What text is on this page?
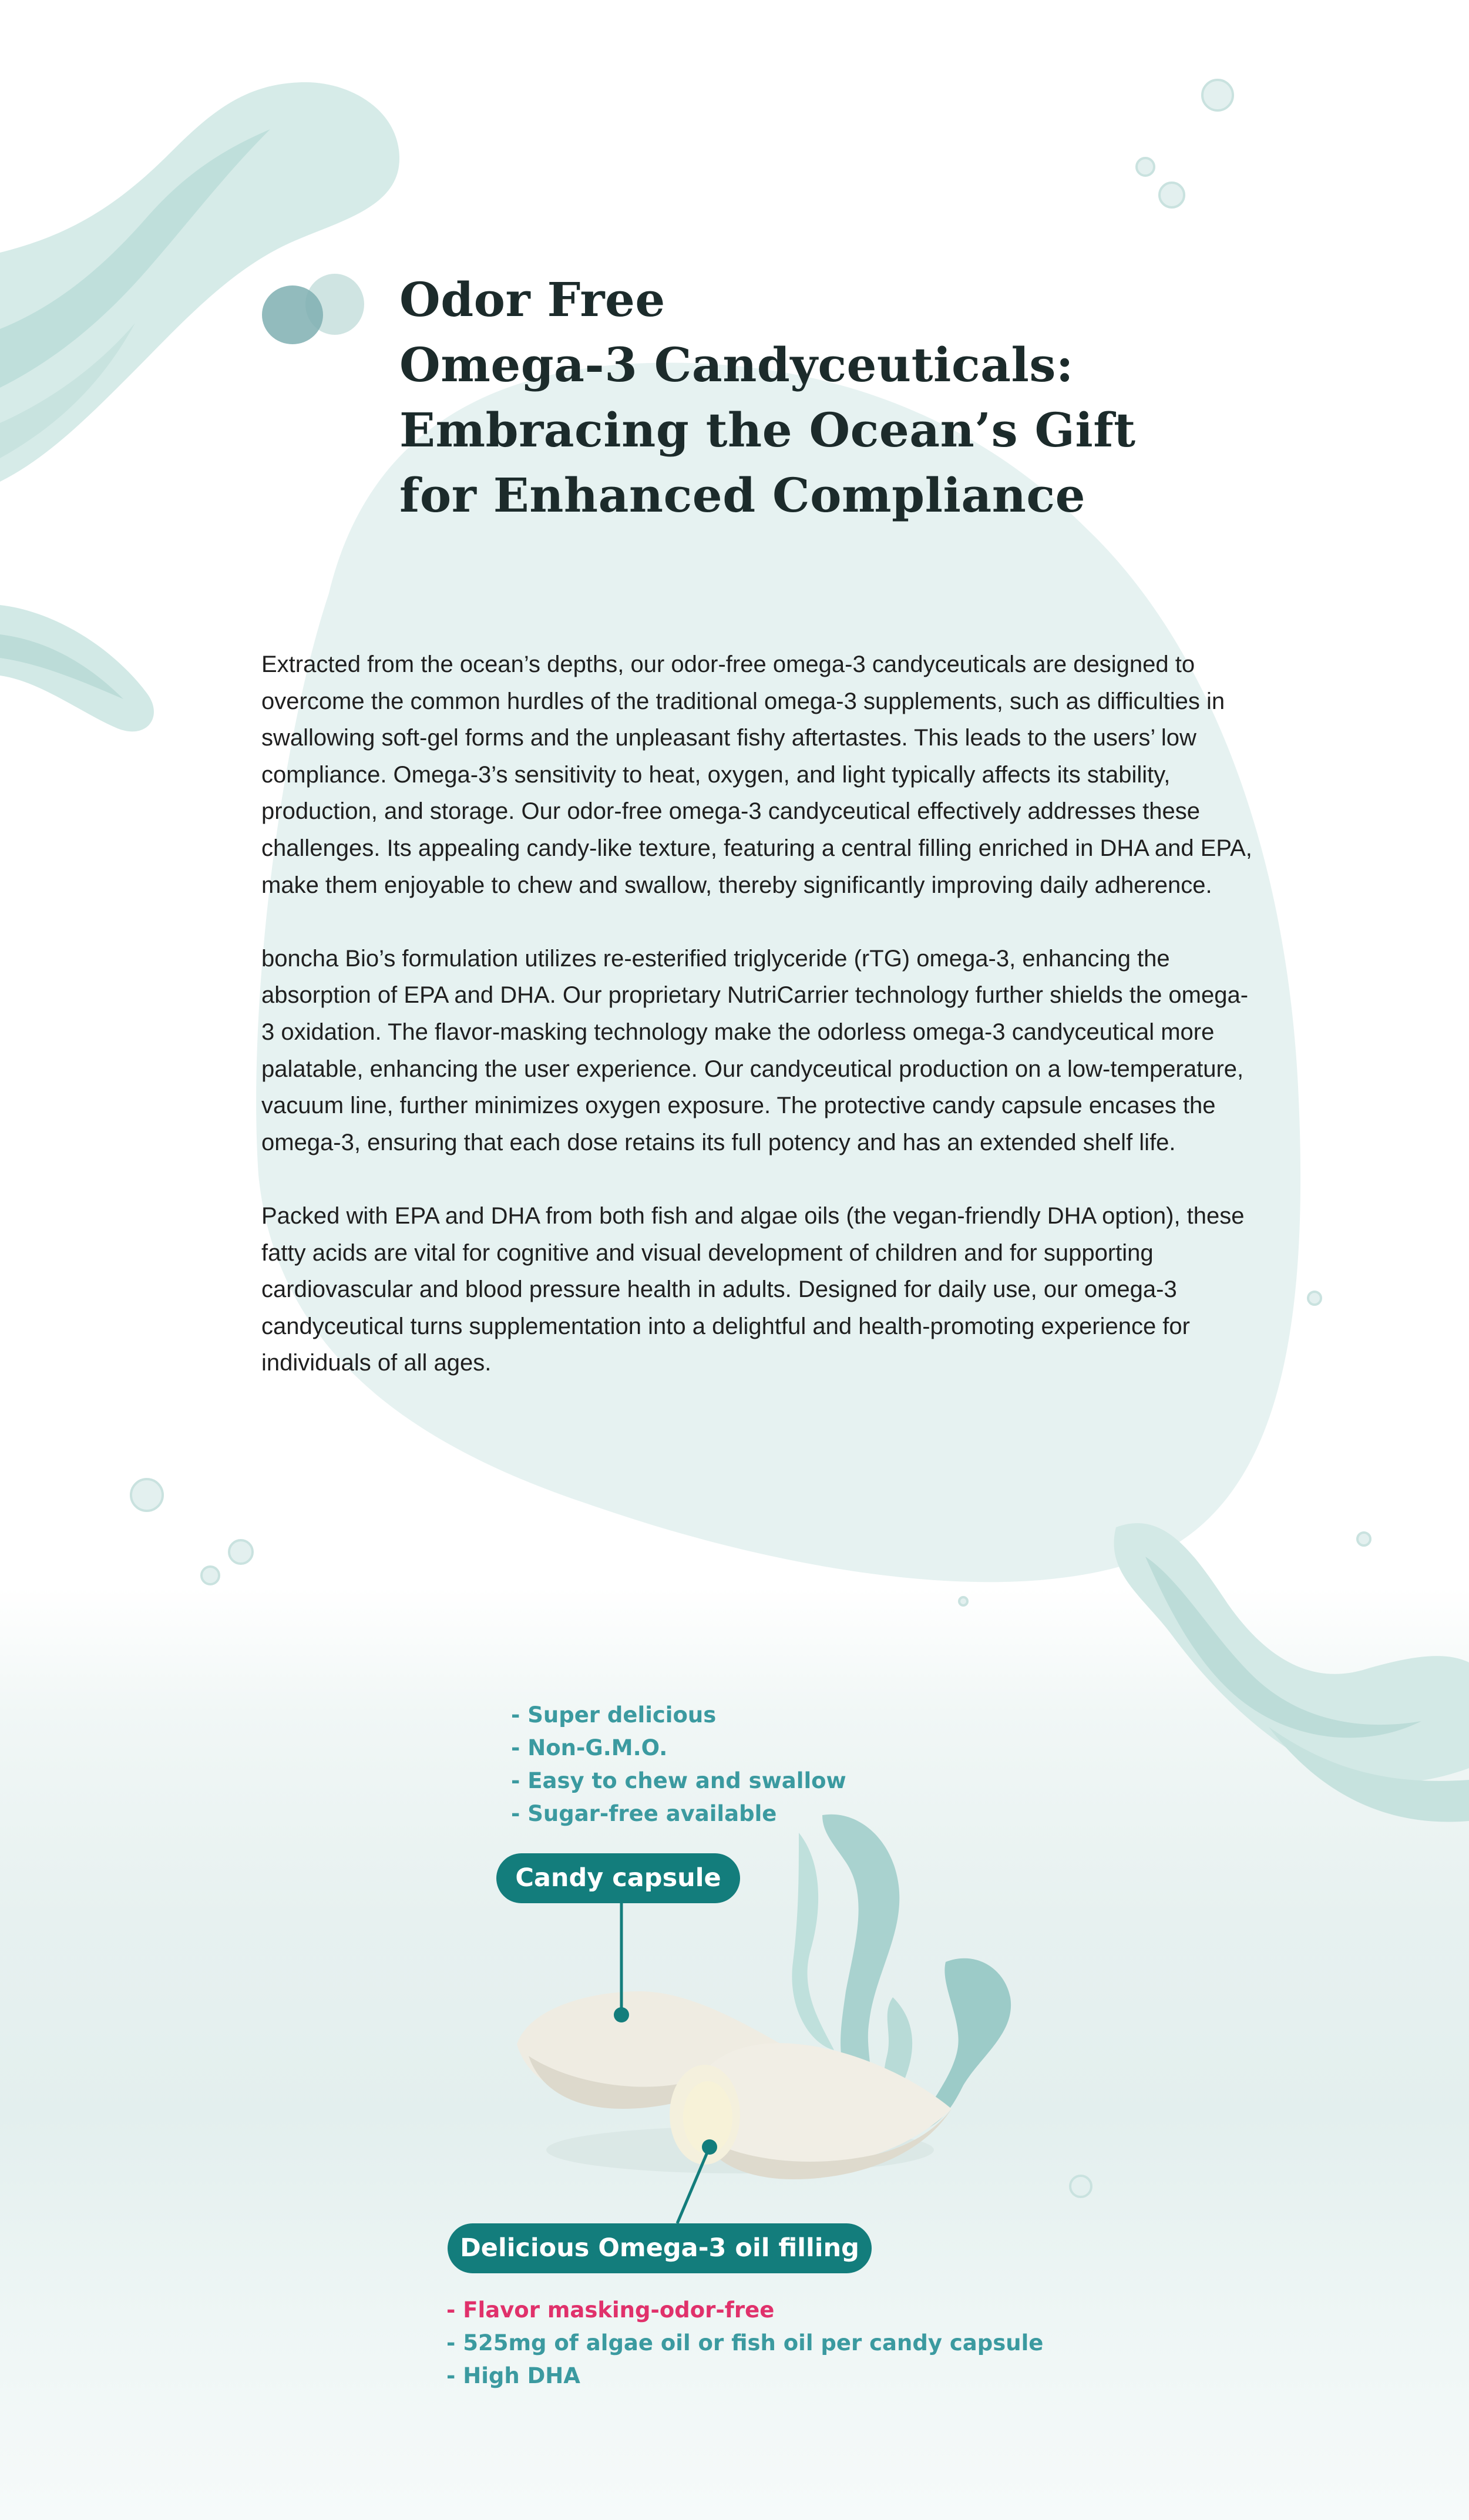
Odor Free
Omega-3 Candyceuticals:
Embracing the Ocean’s Gift
for Enhanced Compliance

Extracted from the ocean’s depths, our odor-free omega-3 candyceuticals are designed to overcome the common hurdles of the traditional omega-3 supplements, such as difficulties in swallowing soft-gel forms and the unpleasant fishy aftertastes. This leads to the users’ low compliance. Omega-3’s sensitivity to heat, oxygen, and light typically affects its stability, production, and storage. Our odor-free omega-3 candyceutical effectively addresses these challenges. Its appealing candy-like texture, featuring a central filling enriched in DHA and EPA, make them enjoyable to chew and swallow, thereby significantly improving daily adherence.

boncha Bio’s formulation utilizes re-esterified triglyceride (rTG) omega-3, enhancing the absorption of EPA and DHA. Our proprietary NutriCarrier technology further shields the omega-3 oxidation. The flavor-masking technology make the odorless omega-3 candyceutical more palatable, enhancing the user experience. Our candyceutical production on a low-temperature, vacuum line, further minimizes oxygen exposure. The protective candy capsule encases the omega-3, ensuring that each dose retains its full potency and has an extended shelf life.

Packed with EPA and DHA from both fish and algae oils (the vegan-friendly DHA option), these fatty acids are vital for cognitive and visual development of children and for supporting cardiovascular and blood pressure health in adults. Designed for daily use, our omega-3 candyceutical turns supplementation into a delightful and health-promoting experience for individuals of all ages.

- Super delicious
- Non-G.M.O.
- Easy to chew and swallow
- Sugar-free available
Candy capsule
Delicious Omega-3 oil filling
- Flavor masking-odor-free
- 525mg of algae oil or fish oil per candy capsule
- High DHA
